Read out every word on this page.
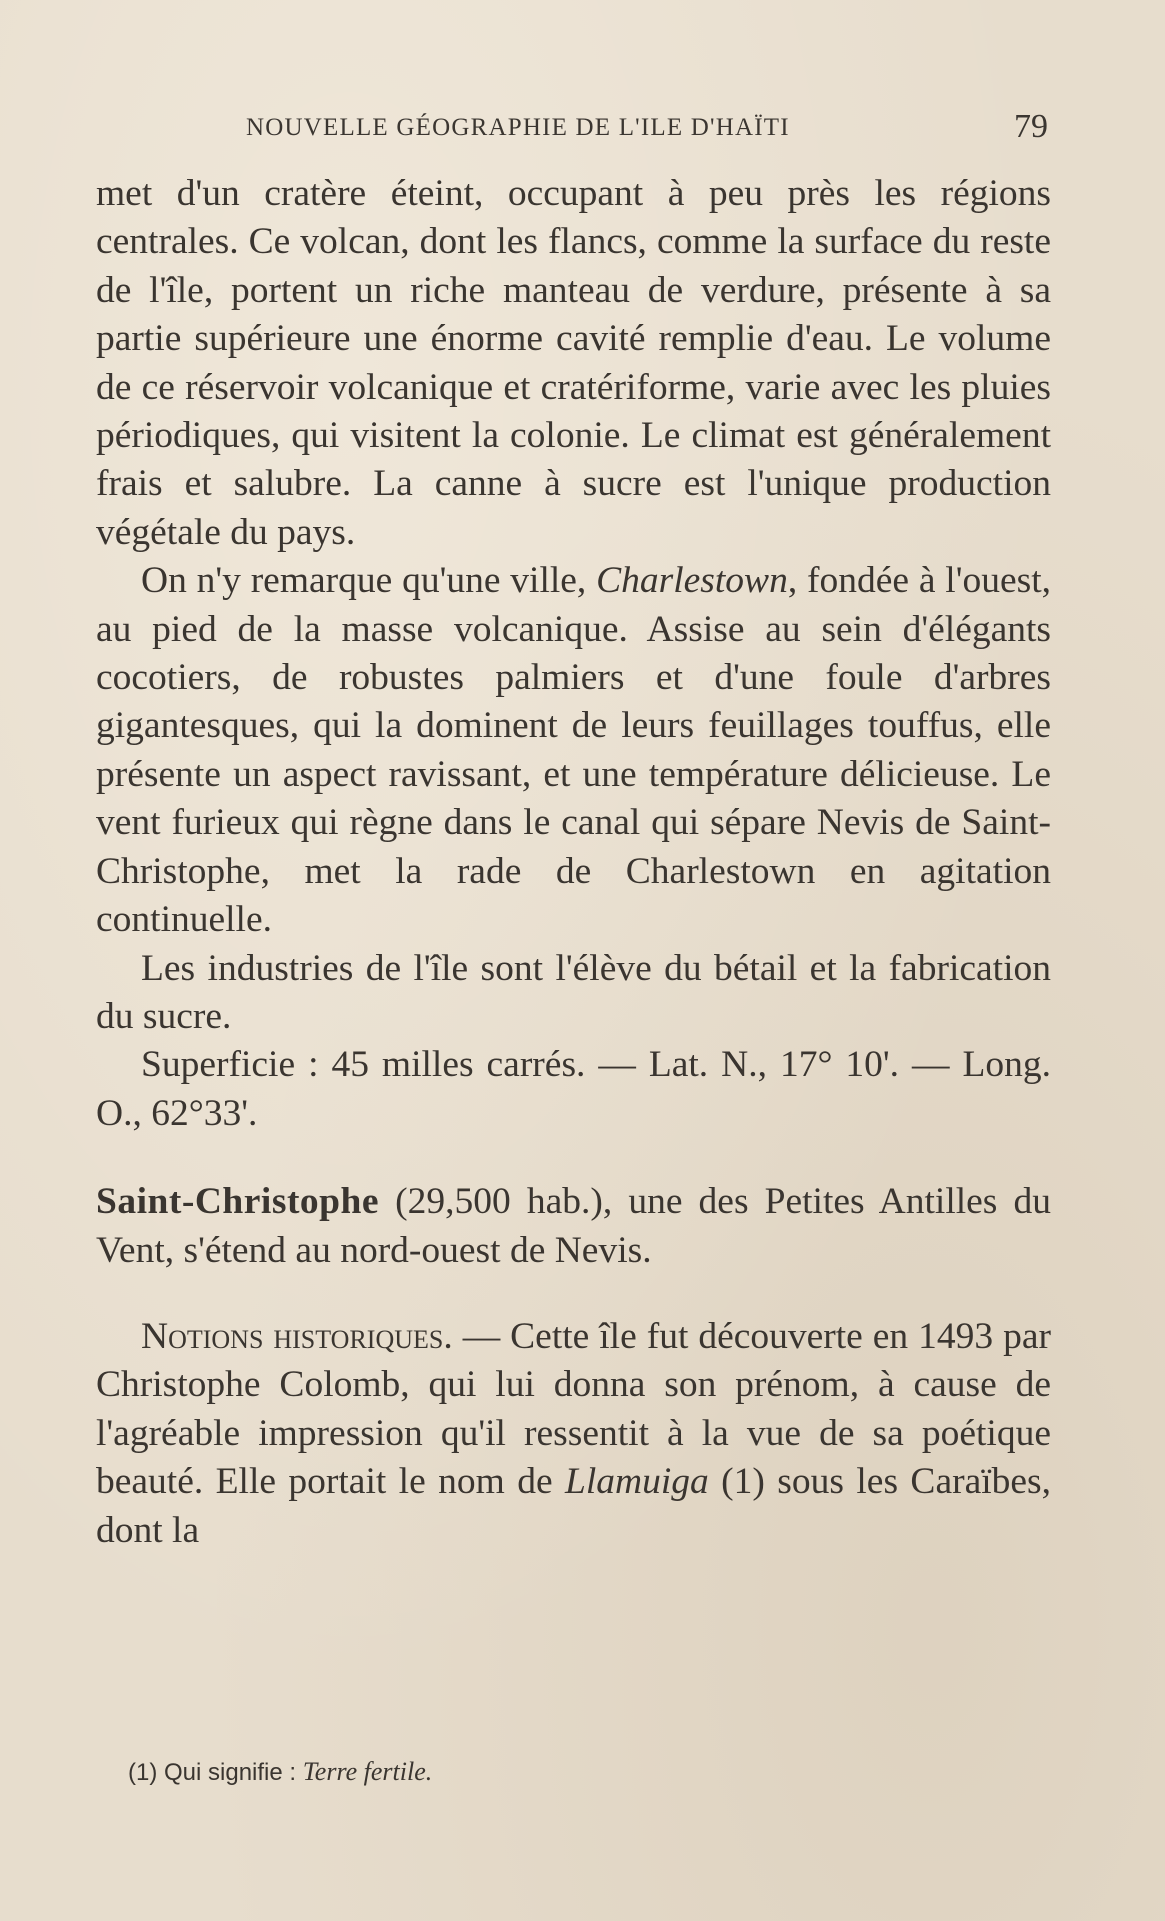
NOUVELLE GÉOGRAPHIE DE L'ILE D'HAÏTI	79

met d'un cratère éteint, occupant à peu près les régions centrales. Ce volcan, dont les flancs, comme la surface du reste de l'île, portent un riche manteau de verdure, présente à sa partie supérieure une énorme cavité remplie d'eau. Le volume de ce réservoir volcanique et cratériforme, varie avec les pluies périodiques, qui visitent la colonie. Le climat est généralement frais et salubre. La canne à sucre est l'unique production végétale du pays.

On n'y remarque qu'une ville, Charlestown, fondée à l'ouest, au pied de la masse volcanique. Assise au sein d'élégants cocotiers, de robustes palmiers et d'une foule d'arbres gigantesques, qui la dominent de leurs feuillages touffus, elle présente un aspect ravissant, et une température délicieuse. Le vent furieux qui règne dans le canal qui sépare Nevis de Saint-Christophe, met la rade de Charlestown en agitation continuelle.

Les industries de l'île sont l'élève du bétail et la fabrication du sucre.

Superficie : 45 milles carrés. — Lat. N., 17° 10'. — Long. O., 62°33'.

Saint-Christophe (29,500 hab.), une des Petites Antilles du Vent, s'étend au nord-ouest de Nevis.

Notions historiques. — Cette île fut découverte en 1493 par Christophe Colomb, qui lui donna son prénom, à cause de l'agréable impression qu'il ressentit à la vue de sa poétique beauté. Elle portait le nom de Llamuiga (1) sous les Caraïbes, dont la

(1) Qui signifie : Terre fertile.
